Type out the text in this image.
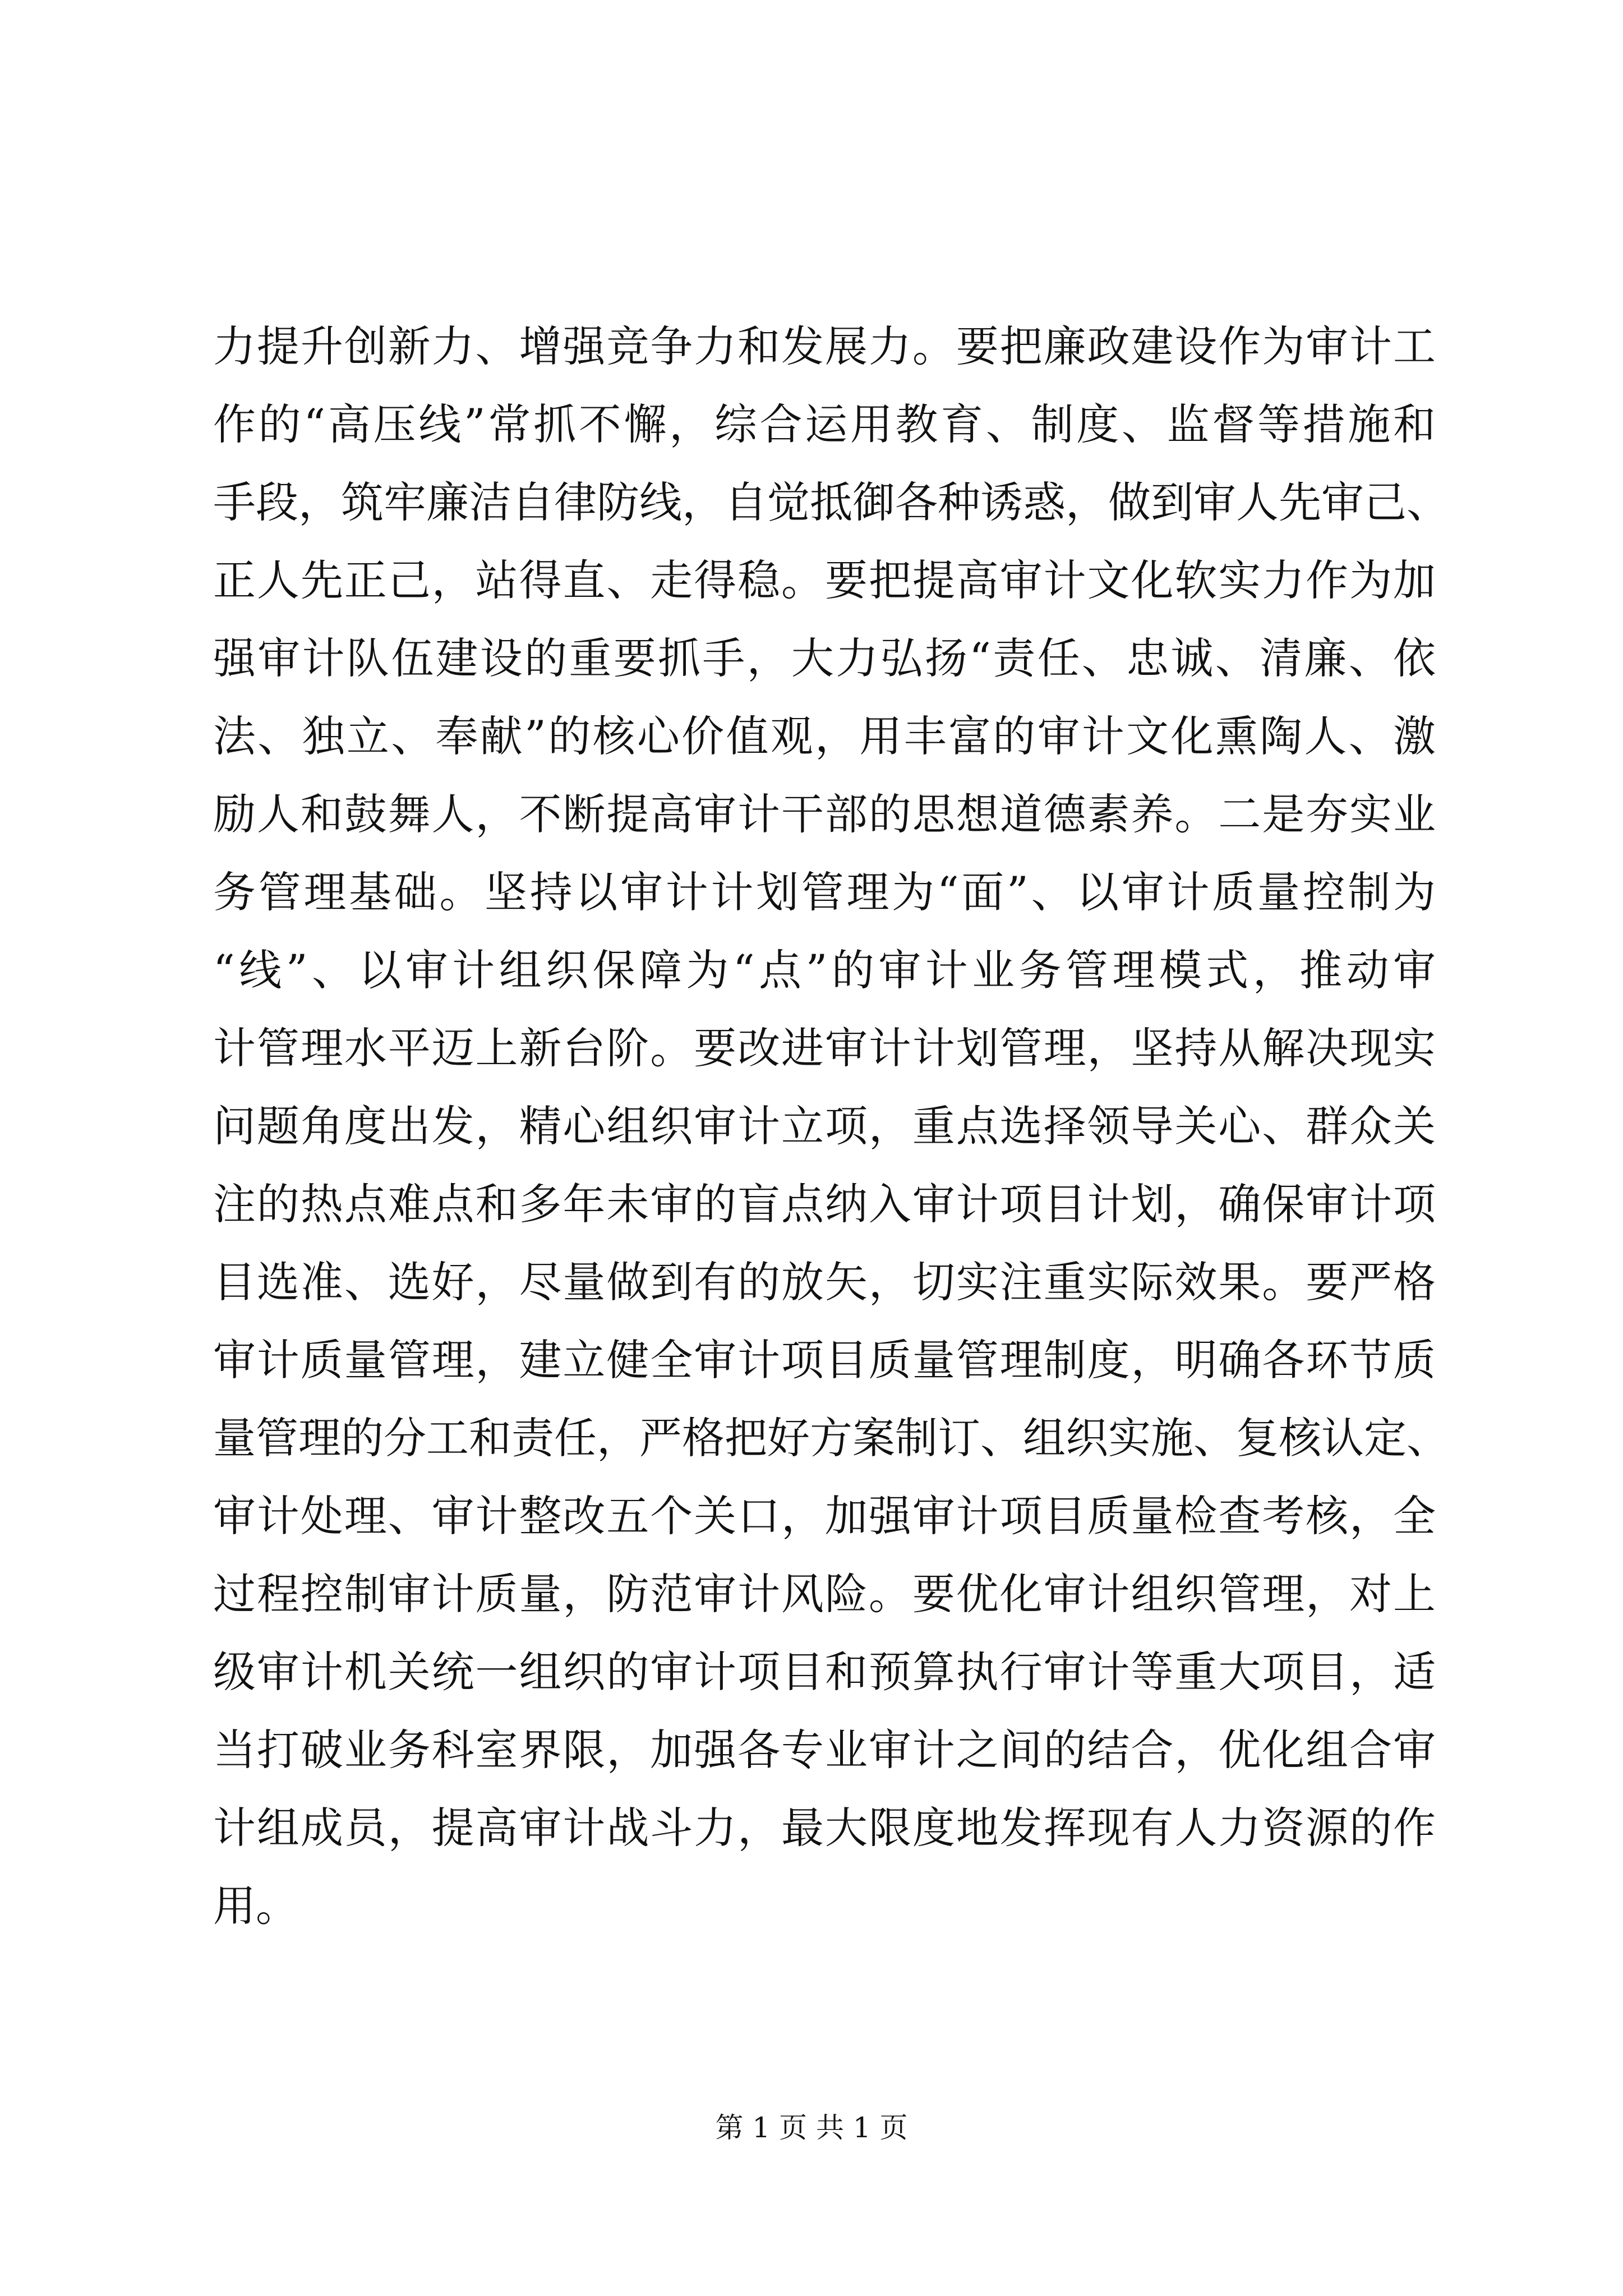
力提升创新力、增强竞争力和发展力。要把廉政建设作为审计工
作的“高压线”常抓不懈，综合运用教育、制度、监督等措施和
手段，筑牢廉洁自律防线，自觉抵御各种诱惑，做到审人先审己、
正人先正己，站得直、走得稳。要把提高审计文化软实力作为加
强审计队伍建设的重要抓手，大力弘扬“责任、忠诚、清廉、依
法、独立、奉献”的核心价值观，用丰富的审计文化熏陶人、激
励人和鼓舞人，不断提高审计干部的思想道德素养。二是夯实业
务管理基础。坚持以审计计划管理为“面”、以审计质量控制为
“线”、以审计组织保障为“点”的审计业务管理模式，推动审
计管理水平迈上新台阶。要改进审计计划管理，坚持从解决现实
问题角度出发，精心组织审计立项，重点选择领导关心、群众关
注的热点难点和多年未审的盲点纳入审计项目计划，确保审计项
目选准、选好，尽量做到有的放矢，切实注重实际效果。要严格
审计质量管理，建立健全审计项目质量管理制度，明确各环节质
量管理的分工和责任，严格把好方案制订、组织实施、复核认定、
审计处理、审计整改五个关口，加强审计项目质量检查考核，全
过程控制审计质量，防范审计风险。要优化审计组织管理，对上
级审计机关统一组织的审计项目和预算执行审计等重大项目，适
当打破业务科室界限，加强各专业审计之间的结合，优化组合审
计组成员，提高审计战斗力，最大限度地发挥现有人力资源的作
用。
第 1 页 共 1 页
